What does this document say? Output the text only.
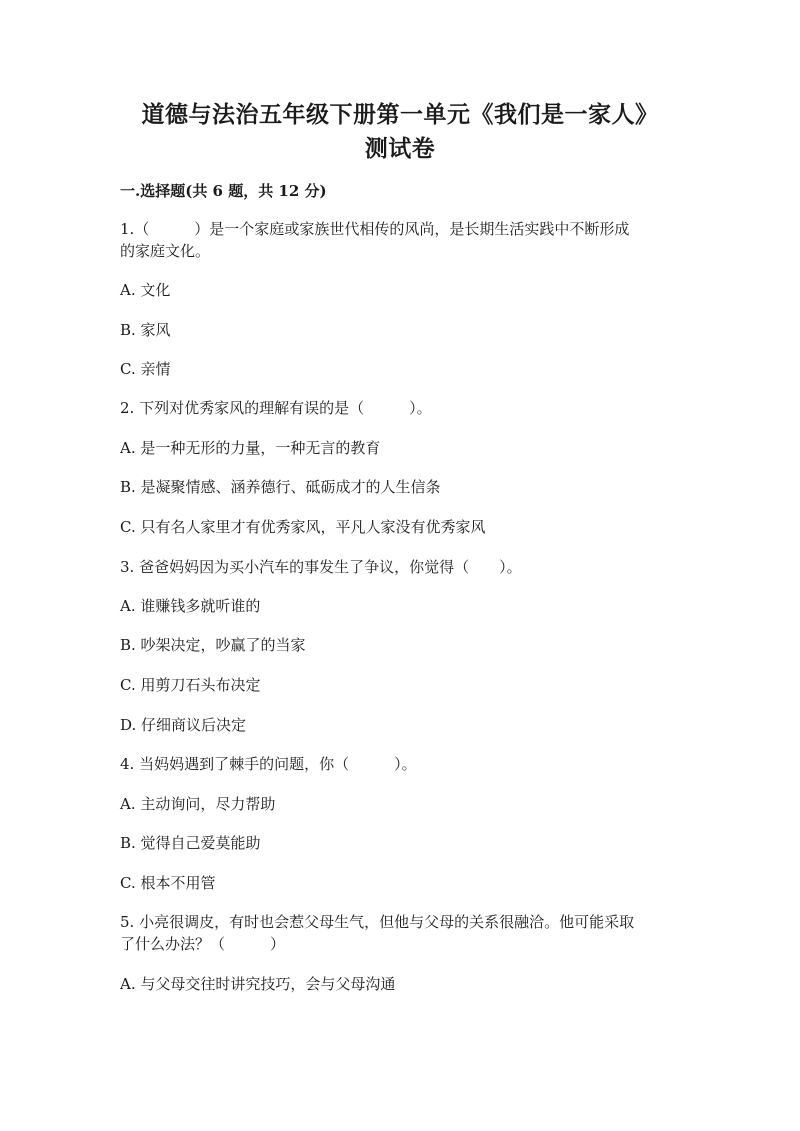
道德与法治五年级下册第一单元《我们是一家人》
测试卷
一.选择题(共 6 题，共 12 分)
1.（　　　）是一个家庭或家族世代相传的风尚，是长期生活实践中不断形成
的家庭文化。
A. 文化
B. 家风
C. 亲情
2. 下列对优秀家风的理解有误的是（　　　）。
A. 是一种无形的力量，一种无言的教育
B. 是凝聚情感、涵养德行、砥砺成才的人生信条
C. 只有名人家里才有优秀家风，平凡人家没有优秀家风
3. 爸爸妈妈因为买小汽车的事发生了争议，你觉得（　　）。
A. 谁赚钱多就听谁的
B. 吵架决定，吵赢了的当家
C. 用剪刀石头布决定
D. 仔细商议后决定
4. 当妈妈遇到了棘手的问题，你（　　　）。
A. 主动询问，尽力帮助
B. 觉得自己爱莫能助
C. 根本不用管
5. 小亮很调皮，有时也会惹父母生气，但他与父母的关系很融洽。他可能采取
了什么办法？（　　　）
A. 与父母交往时讲究技巧，会与父母沟通
